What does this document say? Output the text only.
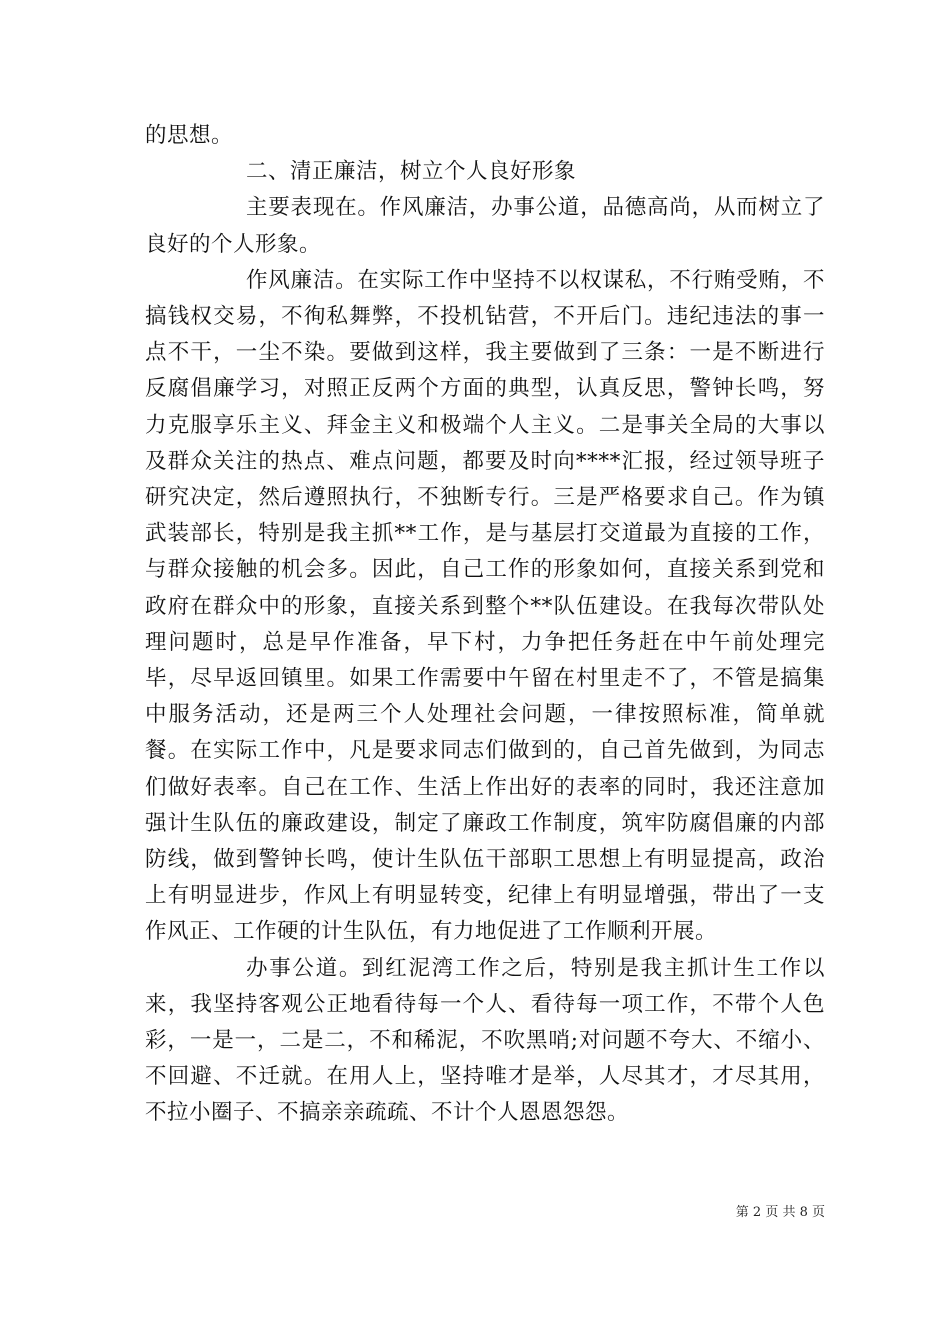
的思想。

二、清正廉洁，树立个人良好形象

主要表现在。作风廉洁，办事公道，品德高尚，从而树立了良好的个人形象。

作风廉洁。在实际工作中坚持不以权谋私，不行贿受贿，不搞钱权交易，不徇私舞弊，不投机钻营，不开后门。违纪违法的事一点不干，一尘不染。要做到这样，我主要做到了三条：一是不断进行反腐倡廉学习，对照正反两个方面的典型，认真反思，警钟长鸣，努力克服享乐主义、拜金主义和极端个人主义。二是事关全局的大事以及群众关注的热点、难点问题，都要及时向****汇报，经过领导班子研究决定，然后遵照执行，不独断专行。三是严格要求自己。作为镇武装部长，特别是我主抓**工作，是与基层打交道最为直接的工作，与群众接触的机会多。因此，自己工作的形象如何，直接关系到党和政府在群众中的形象，直接关系到整个**队伍建设。在我每次带队处理问题时，总是早作准备，早下村，力争把任务赶在中午前处理完毕，尽早返回镇里。如果工作需要中午留在村里走不了，不管是搞集中服务活动，还是两三个人处理社会问题，一律按照标准，简单就餐。在实际工作中，凡是要求同志们做到的，自己首先做到，为同志们做好表率。自己在工作、生活上作出好的表率的同时，我还注意加强计生队伍的廉政建设，制定了廉政工作制度，筑牢防腐倡廉的内部防线，做到警钟长鸣，使计生队伍干部职工思想上有明显提高，政治上有明显进步，作风上有明显转变，纪律上有明显增强，带出了一支作风正、工作硬的计生队伍，有力地促进了工作顺利开展。

办事公道。到红泥湾工作之后，特别是我主抓计生工作以来，我坚持客观公正地看待每一个人、看待每一项工作，不带个人色彩，一是一，二是二，不和稀泥，不吹黑哨;对问题不夸大、不缩小、不回避、不迁就。在用人上，坚持唯才是举，人尽其才，才尽其用，不拉小圈子、不搞亲亲疏疏、不计个人恩恩怨怨。

第 2 页 共 8 页
